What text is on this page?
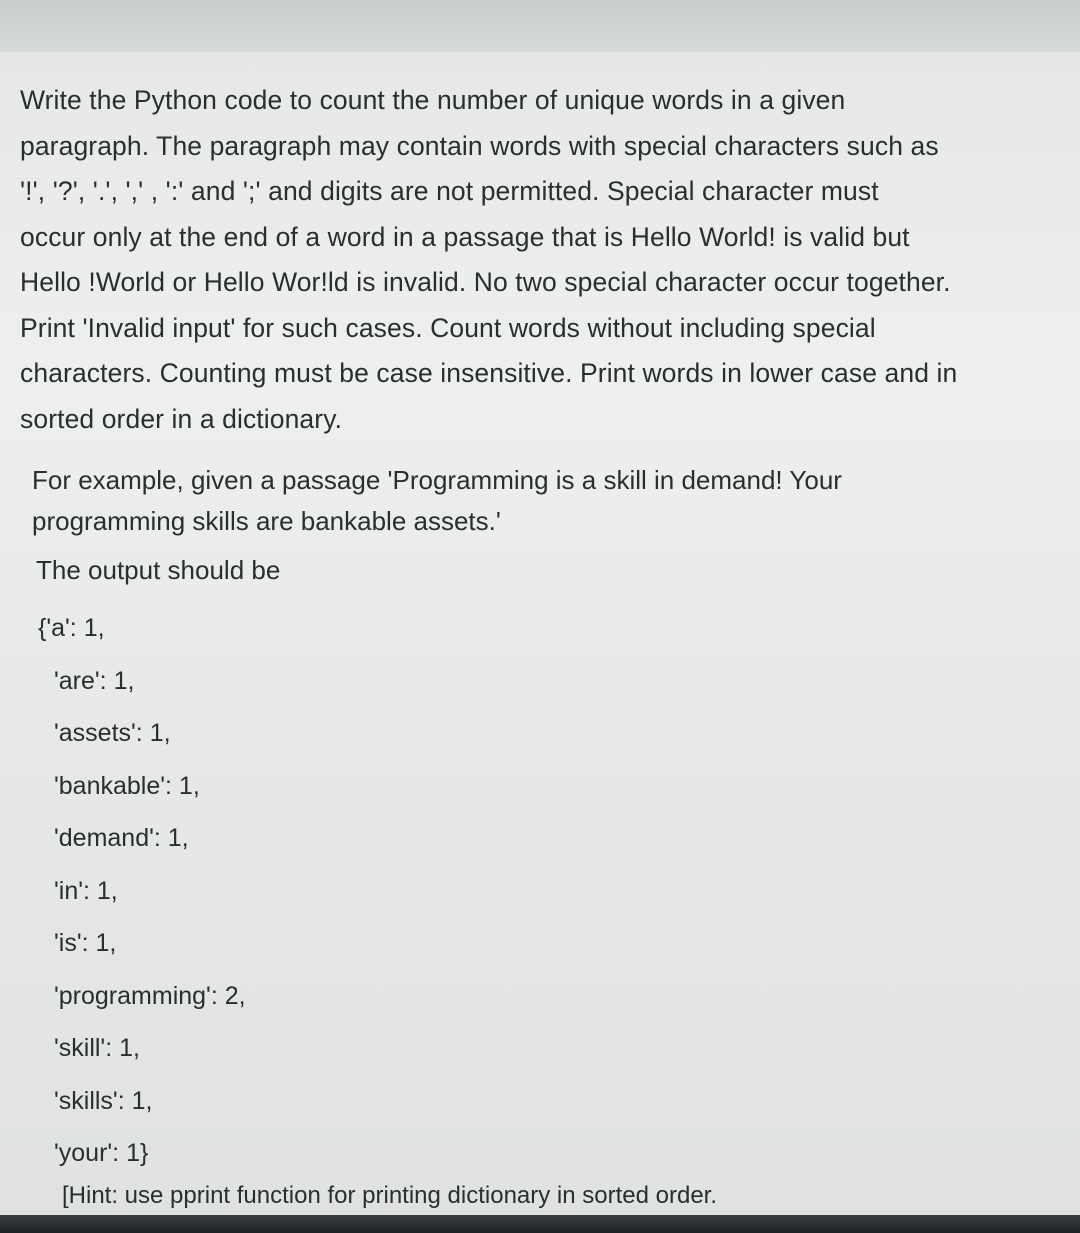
Write the Python code to count the number of unique words in a given
paragraph. The paragraph may contain words with special characters such as
'!', '?', '.', ',' , ':' and ';' and digits are not permitted. Special character must
occur only at the end of a word in a passage that is Hello World! is valid but
Hello !World or Hello Wor!ld is invalid. No two special character occur together.
Print 'Invalid input' for such cases. Count words without including special
characters. Counting must be case insensitive. Print words in lower case and in
sorted order in a dictionary.
For example, given a passage 'Programming is a skill in demand! Your
programming skills are bankable assets.'
The output should be
{'a': 1,
'are': 1,
'assets': 1,
'bankable': 1,
'demand': 1,
'in': 1,
'is': 1,
'programming': 2,
'skill': 1,
'skills': 1,
'your': 1}
[Hint: use pprint function for printing dictionary in sorted order.
